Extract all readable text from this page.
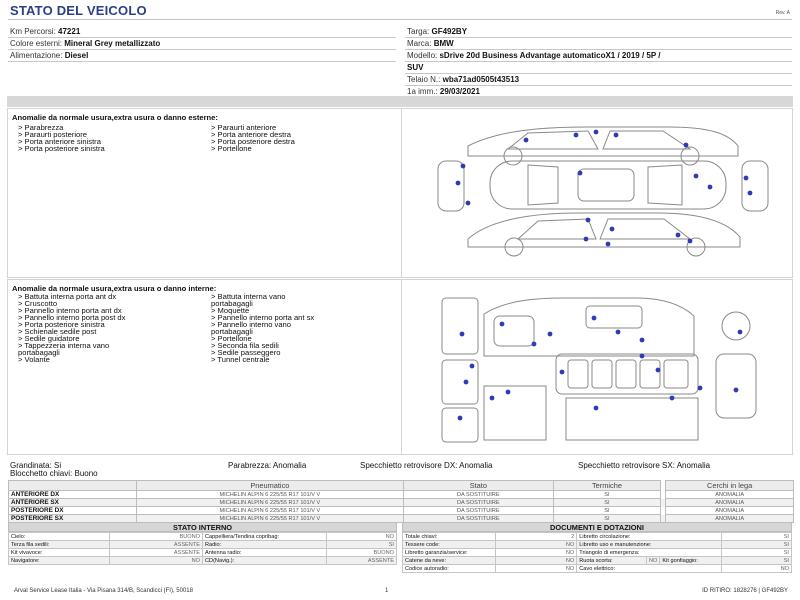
STATO DEL VEICOLO	Rev. A
Km Percorsi: 47221
Colore esterni: Mineral Grey metallizzato
Alimentazione: Diesel
Targa: GF492BY
Marca: BMW
Modello: sDrive 20d Business Advantage automaticoX1 / 2019 / 5P /
SUV
Telaio N.: wba71ad0505t43513
1a imm.: 29/03/2021
Anomalie da normale usura,extra usura o danno esterne:
> Parabrezza
> Paraurti posteriore
> Porta anteriore sinistra
> Porta posteriore sinistra
> Paraurti anteriore
> Porta anteriore destra
> Porta posteriore destra
> Portellone
Anomalie da normale usura,extra usura o danno interne:
> Battuta interna porta ant dx
> Cruscotto
> Pannello interno porta ant dx
> Pannello interno porta post dx
> Porta posteriore sinistra
> Schienale sedile post
> Sedile guidatore
> Tappezzeria interna vano
portabagagli
> Volante
> Battuta interna vano
portabagagli
> Moquette
> Pannello interno porta ant sx
> Pannello interno vano
portabagagli
> Portellone
> Seconda fila sedili
> Sedile passeggero
> Tunnel centrale
Grandinata: Si
Blocchetto chiavi: Buono
Parabrezza: Anomalia	Specchietto retrovisore DX: Anomalia	Specchietto retrovisore SX: Anomalia
	Pneumatico	Stato	Termiche		Cerchi in lega
ANTERIORE DX	MICHELIN ALPIN 6 225/55 R17 101/V V	DA SOSTITUIRE	SI		ANOMALIA
ANTERIORE SX	MICHELIN ALPIN 6 225/55 R17 101/V V	DA SOSTITUIRE	SI		ANOMALIA
POSTERIORE DX	MICHELIN ALPIN 6 225/55 R17 101/V V	DA SOSTITUIRE	SI		ANOMALIA
POSTERIORE SX	MICHELIN ALPIN 6 225/55 R17 101/V V	DA SOSTITUIRE	SI		ANOMALIA
STATO INTERNO
Cielo:	BUONO	Cappelliera/Tendina copribag:	NO
Terza fila sedili:	ASSENTE	Radio:	SI
Kit vivavoce:	ASSENTE	Antenna radio:	BUONO
Navigatore:	NO	CD(Navig.):	ASSENTE
DOCUMENTI E DOTAZIONI
Totale chiavi:	2	Libretto circolazione:			SI
Tessere code:	NO	Libretto uso e manutenzione:			SI
Libretto garanzia/service:	NO	Triangolo di emergenza:			SI
Catene da neve:	NO	Ruota scorta:	NO	Kit gonfiaggio:	SI
Codice autoradio:	NO	Cavo elettrico:			NO
Arval Service Lease Italia - Via Pisana 314/B, Scandicci (FI), 50018	1	ID RITIRO: 1828276 | GF492BY
